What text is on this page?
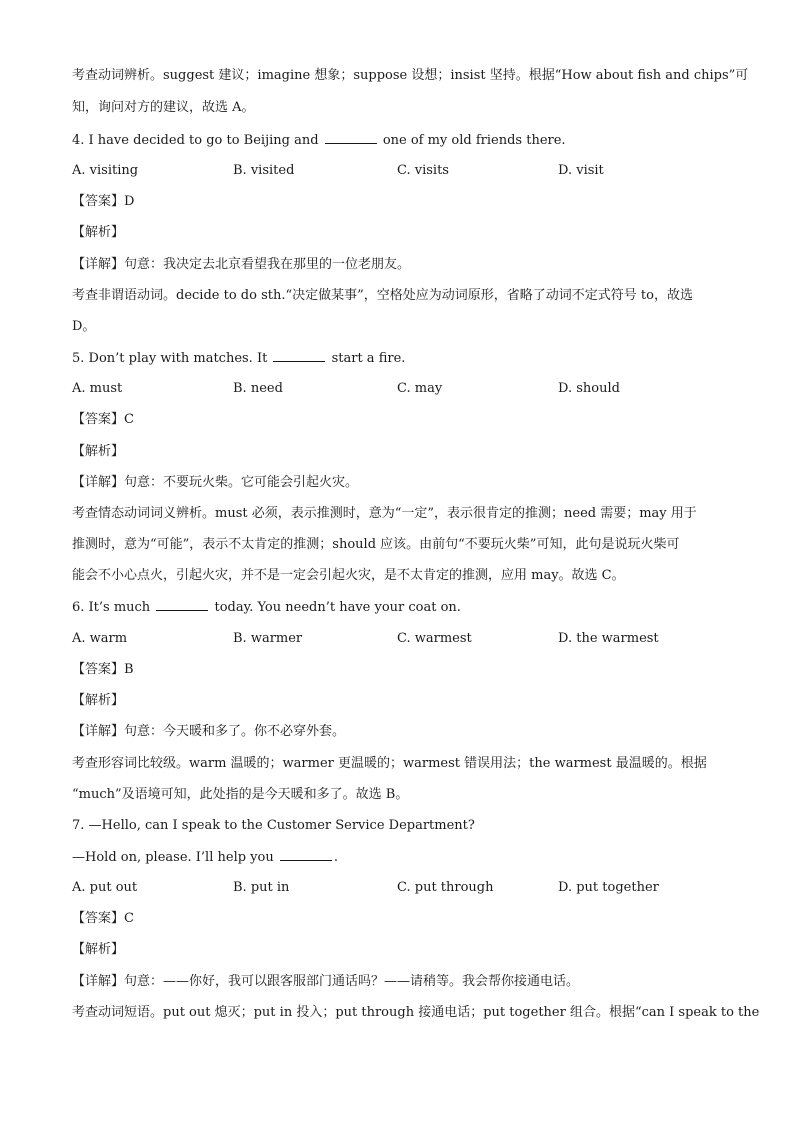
考查动词辨析。suggest 建议；imagine 想象；suppose 设想；insist 坚持。根据“How about fish and chips”可
知，询问对方的建议，故选 A。
4. I have decided to go to Beijing and	one of my old friends there.
A. visiting	B. visited	C. visits	D. visit
【答案】D
【解析】
【详解】句意：我决定去北京看望我在那里的一位老朋友。
考查非谓语动词。decide to do sth.“决定做某事”，空格处应为动词原形，省略了动词不定式符号 to，故选
D。
5. Don’t play with matches. It	start a fire.
A. must	B. need	C. may	D. should
【答案】C
【解析】
【详解】句意：不要玩火柴。它可能会引起火灾。
考查情态动词词义辨析。must 必须，表示推测时，意为“一定”，表示很肯定的推测；need 需要；may 用于
推测时，意为“可能”，表示不太肯定的推测；should 应该。由前句“不要玩火柴”可知，此句是说玩火柴可
能会不小心点火，引起火灾，并不是一定会引起火灾，是不太肯定的推测，应用 may。故选 C。
6. It’s much	today. You needn’t have your coat on.
A. warm	B. warmer	C. warmest	D. the warmest
【答案】B
【解析】
【详解】句意：今天暖和多了。你不必穿外套。
考查形容词比较级。warm 温暖的；warmer 更温暖的；warmest 错误用法；the warmest 最温暖的。根据
“much”及语境可知，此处指的是今天暖和多了。故选 B。
7. —Hello, can I speak to the Customer Service Department?
—Hold on, please. I’ll help you	.
A. put out	B. put in	C. put through	D. put together
【答案】C
【解析】
【详解】句意：——你好，我可以跟客服部门通话吗？——请稍等。我会帮你接通电话。
考查动词短语。put out 熄灭；put in 投入；put through 接通电话；put together 组合。根据“can I speak to the
